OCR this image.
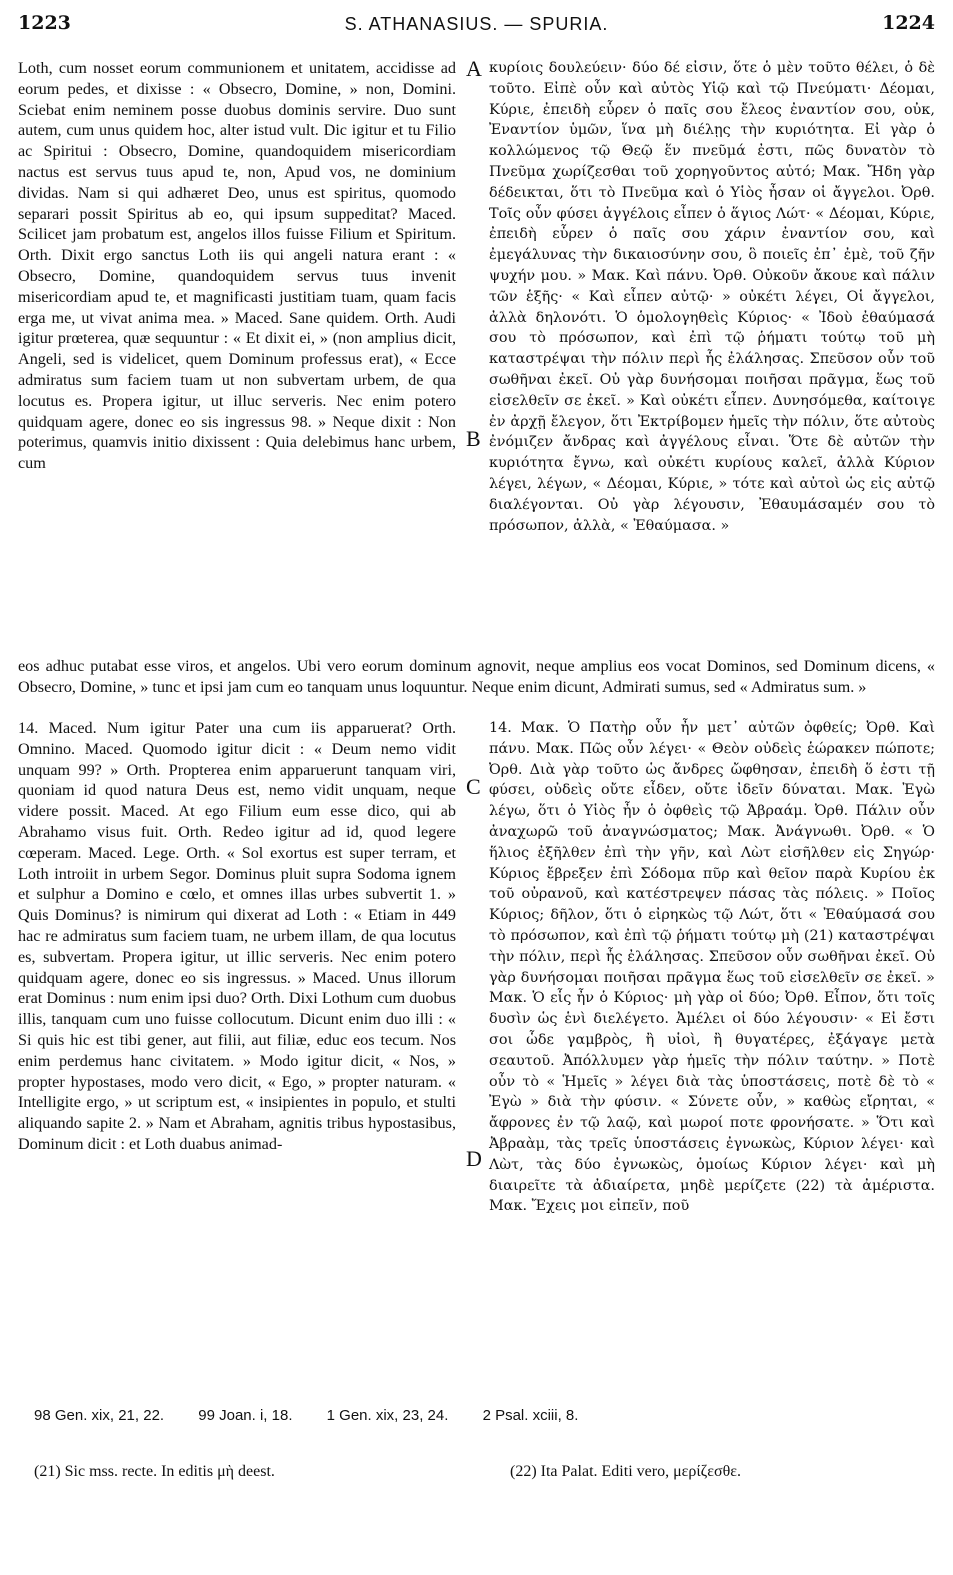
1223	S. ATHANASIUS. — SPURIA.	1224

Loth, cum nosset eorum communionem et unitatem, accidisse ad eorum pedes, et dixisse : « Obsecro, Domine, » non, Domini. Sciebat enim neminem posse duobus dominis servire. Duo sunt autem, cum unus quidem hoc, alter istud vult. Dic igitur et tu Filio ac Spiritui : Obsecro, Domine, quandoquidem misericordiam nactus est servus tuus apud te, non, Apud vos, ne dominium dividas. Nam si qui adhæret Deo, unus est spiritus, quomodo separari possit Spiritus ab eo, qui ipsum suppeditat? Maced. Scilicet jam probatum est, angelos illos fuisse Filium et Spiritum. Orth. Dixit ergo sanctus Loth iis qui angeli natura erant : « Obsecro, Domine, quandoquidem servus tuus invenit misericordiam apud te, et magnificasti justitiam tuam, quam facis erga me, ut vivat anima mea. » Maced. Sane quidem. Orth. Audi igitur prœterea, quæ sequuntur : « Et dixit ei, » (non amplius dicit, Angeli, sed is videlicet, quem Dominum professus erat), « Ecce admiratus sum faciem tuam ut non subvertam urbem, de qua locutus es. Propera igitur, ut illuc serveris. Nec enim potero quidquam agere, donec eo sis ingressus 98. » Neque dixit : Non poterimus, quamvis initio dixissent : Quia delebimus hanc urbem, cum

κυρίοις δουλεύειν· δύο δέ εἰσιν, ὅτε ὁ μὲν τοῦτο θέλει, ὁ δὲ τοῦτο. Εἰπὲ οὖν καὶ αὐτὸς Υἱῷ καὶ τῷ Πνεύματι· Δέομαι, Κύριε, ἐπειδὴ εὗρεν ὁ παῖς σου ἔλεος ἐναντίον σου, οὐκ, Ἐναντίον ὑμῶν, ἵνα μὴ διέλῃς τὴν κυριότητα. Εἰ γὰρ ὁ κολλώμενος τῷ Θεῷ ἕν πνεῦμά ἐστι, πῶς δυνατὸν τὸ Πνεῦμα χωρίζεσθαι τοῦ χορηγοῦντος αὐτό; Μακ. Ἤδη γὰρ δέδεικται, ὅτι τὸ Πνεῦμα καὶ ὁ Υἱὸς ἦσαν οἱ ἄγγελοι. Ὀρθ. Τοῖς οὖν φύσει ἀγγέλοις εἶπεν ὁ ἅγιος Λώτ· « Δέομαι, Κύριε, ἐπειδὴ εὗρεν ὁ παῖς σου χάριν ἐναντίον σου, καὶ ἐμεγάλυνας τὴν δικαιοσύνην σου, ὃ ποιεῖς ἐπ᾽ ἐμὲ, τοῦ ζῆν ψυχήν μου. » Μακ. Καὶ πάνυ. Ὀρθ. Οὐκοῦν ἄκουε καὶ πάλιν τῶν ἑξῆς· « Καὶ εἶπεν αὐτῷ· » οὐκέτι λέγει, Οἱ ἄγγελοι, ἀλλὰ δηλονότι. Ὁ ὁμολογηθεὶς Κύριος· « Ἰδοὺ ἐθαύμασά σου τὸ πρόσωπον, καὶ ἐπὶ τῷ ῥήματι τούτῳ τοῦ μὴ καταστρέψαι τὴν πόλιν περὶ ἧς ἐλάλησας. Σπεῦσον οὖν τοῦ σωθῆναι ἐκεῖ. Οὐ γὰρ δυνήσομαι ποιῆσαι πρᾶγμα, ἕως τοῦ εἰσελθεῖν σε ἐκεῖ. » Καὶ οὐκέτι εἶπεν. Δυνησόμεθα, καίτοιγε ἐν ἀρχῇ ἔλεγον, ὅτι Ἐκτρίβομεν ἡμεῖς τὴν πόλιν, ὅτε αὐτοὺς ἐνόμιζεν ἄνδρας καὶ ἀγγέλους εἶναι. Ὅτε δὲ αὐτῶν τὴν κυριότητα ἔγνω, καὶ οὐκέτι κυρίους καλεῖ, ἀλλὰ Κύριον λέγει, λέγων, « Δέομαι, Κύριε, » τότε καὶ αὐτοὶ ὡς εἰς αὐτῷ διαλέγονται. Οὐ γὰρ λέγουσιν, Ἐθαυμάσαμέν σου τὸ πρόσωπον, ἀλλὰ, « Ἐθαύμασα. »

A
B
eos adhuc putabat esse viros, et angelos. Ubi vero eorum dominum agnovit, neque amplius eos vocat Dominos, sed Dominum dicens, « Obsecro, Domine, » tunc et ipsi jam cum eo tanquam unus loquuntur. Neque enim dicunt, Admirati sumus, sed « Admiratus sum. »

14. Maced. Num igitur Pater una cum iis apparuerat? Orth. Omnino. Maced. Quomodo igitur dicit : « Deum nemo vidit unquam 99? » Orth. Propterea enim apparuerunt tanquam viri, quoniam id quod natura Deus est, nemo vidit unquam, neque videre possit. Maced. At ego Filium eum esse dico, qui ab Abrahamo visus fuit. Orth. Redeo igitur ad id, quod legere cœperam. Maced. Lege. Orth. « Sol exortus est super terram, et Loth introiit in urbem Segor. Dominus pluit supra Sodoma ignem et sulphur a Domino e cœlo, et omnes illas urbes subvertit 1. » Quis Dominus? is nimirum qui dixerat ad Loth : « Etiam in 449 hac re admiratus sum faciem tuam, ne urbem illam, de qua locutus es, subvertam. Propera igitur, ut illic serveris. Nec enim potero quidquam agere, donec eo sis ingressus. » Maced. Unus illorum erat Dominus : num enim ipsi duo? Orth. Dixi Lothum cum duobus illis, tanquam cum uno fuisse collocutum. Dicunt enim duo illi : « Si quis hic est tibi gener, aut filii, aut filiæ, educ eos tecum. Nos enim perdemus hanc civitatem. » Modo igitur dicit, « Nos, » propter hypostases, modo vero dicit, « Ego, » propter naturam. « Intelligite ergo, » ut scriptum est, « insipientes in populo, et stulti aliquando sapite 2. » Nam et Abraham, agnitis tribus hypostasibus, Dominum dicit : et Loth duabus animad-

14. Μακ. Ὁ Πατὴρ οὖν ἦν μετ᾽ αὐτῶν ὀφθείς; Ὀρθ. Καὶ πάνυ. Μακ. Πῶς οὖν λέγει· « Θεὸν οὐδεὶς ἑώρακεν πώποτε; Ὀρθ. Διὰ γὰρ τοῦτο ὡς ἄνδρες ὤφθησαν, ἐπειδὴ ὅ ἐστι τῇ φύσει, οὐδεὶς οὔτε εἶδεν, οὔτε ἰδεῖν δύναται. Μακ. Ἐγὼ λέγω, ὅτι ὁ Υἱὸς ἦν ὁ ὀφθεὶς τῷ Ἀβραάμ. Ὀρθ. Πάλιν οὖν ἀναχωρῶ τοῦ ἀναγνώσματος; Μακ. Ἀνάγνωθι. Ὀρθ. « Ὁ ἥλιος ἐξῆλθεν ἐπὶ τὴν γῆν, καὶ Λὼτ εἰσῆλθεν εἰς Σηγώρ· Κύριος ἔβρεξεν ἐπὶ Σόδομα πῦρ καὶ θεῖον παρὰ Κυρίου ἐκ τοῦ οὐρανοῦ, καὶ κατέστρεψεν πάσας τὰς πόλεις. » Ποῖος Κύριος; δῆλον, ὅτι ὁ εἰρηκὼς τῷ Λώτ, ὅτι « Ἐθαύμασά σου τὸ πρόσωπον, καὶ ἐπὶ τῷ ῥήματι τούτῳ μὴ (21) καταστρέψαι τὴν πόλιν, περὶ ἧς ἐλάλησας. Σπεῦσον οὖν σωθῆναι ἐκεῖ. Οὐ γὰρ δυνήσομαι ποιῆσαι πρᾶγμα ἕως τοῦ εἰσελθεῖν σε ἐκεῖ. » Μακ. Ὁ εἷς ἦν ὁ Κύριος· μὴ γὰρ οἱ δύο; Ὀρθ. Εἶπον, ὅτι τοῖς δυσὶν ὡς ἑνὶ διελέγετο. Ἀμέλει οἱ δύο λέγουσιν· « Εἰ ἔστι σοι ὧδε γαμβρὸς, ἢ υἱοὶ, ἢ θυγατέρες, ἐξάγαγε μετὰ σεαυτοῦ. Ἀπόλλυμεν γὰρ ἡμεῖς τὴν πόλιν ταύτην. » Ποτὲ οὖν τὸ « Ἡμεῖς » λέγει διὰ τὰς ὑποστάσεις, ποτὲ δὲ τὸ « Ἐγὼ » διὰ τὴν φύσιν. « Σύνετε οὖν, » καθὼς εἴρηται, « ἄφρονες ἐν τῷ λαῷ, καὶ μωροί ποτε φρονήσατε. » Ὅτι καὶ Ἀβραὰμ, τὰς τρεῖς ὑποστάσεις ἐγνωκὼς, Κύριον λέγει· καὶ Λὼτ, τὰς δύο ἐγνωκὼς, ὁμοίως Κύριον λέγει· καὶ μὴ διαιρεῖτε τὰ ἀδιαίρετα, μηδὲ μερίζετε (22) τὰ ἀμέριστα. Μακ. Ἔχεις μοι εἰπεῖν, ποῦ

C
D
98 Gen. xix, 21, 22. 99 Joan. i, 18. 1 Gen. xix, 23, 24. 2 Psal. xciii, 8.
(21) Sic mss. recte. In editis μὴ deest.	(22) Ita Palat. Editi vero, μερίζεσθε.
